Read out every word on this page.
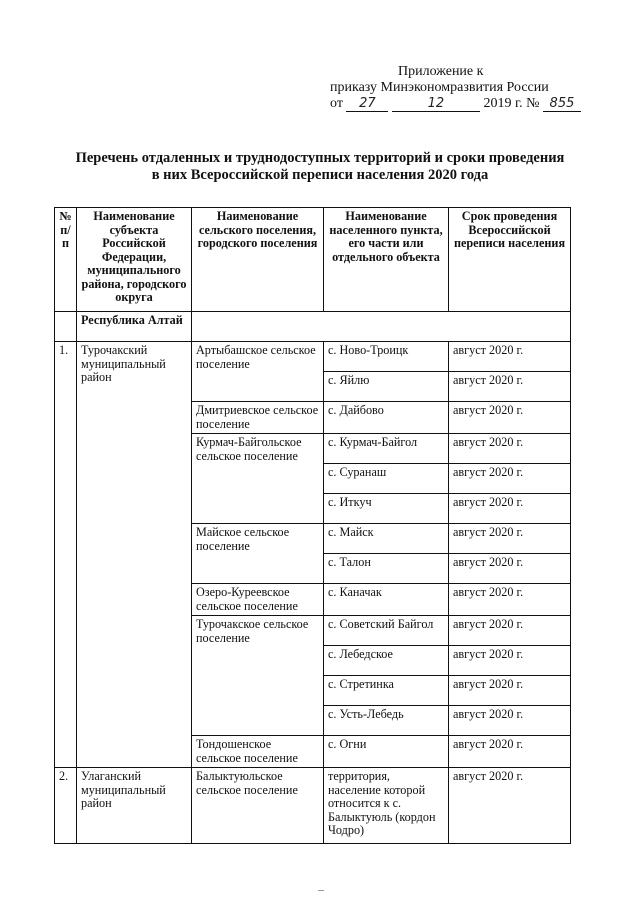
Приложение к
приказу Минэкономразвития России
от 27	12	2019 г. № 855
Перечень отдаленных и труднодоступных территорий и сроки проведения
в них Всероссийской переписи населения 2020 года
№ п/п	Наименование субъекта Российской Федерации, муниципального района, городского округа	Наименование сельского поселения, городского поселения	Наименование населенного пункта, его части или отдельного объекта	Срок проведения Всероссийской переписи населения
	Республика Алтай			
1.	Турочакский муниципальный район	Артыбашское сельское поселение	с. Ново-Троицк	август 2020 г.
			с. Яйлю	август 2020 г.
		Дмитриевское сельское поселение	с. Дайбово	август 2020 г.
		Курмач-Байгольское сельское поселение	с. Курмач-Байгол	август 2020 г.
			с. Суранаш	август 2020 г.
			с. Иткуч	август 2020 г.
		Майское сельское поселение	с. Майск	август 2020 г.
			с. Талон	август 2020 г.
		Озеро-Куреевское сельское поселение	с. Каначак	август 2020 г.
		Турочакское сельское поселение	с. Советский Байгол	август 2020 г.
			с. Лебедское	август 2020 г.
			с. Стретинка	август 2020 г.
			с. Усть-Лебедь	август 2020 г.
		Тондошенское сельское поселение	с. Огни	август 2020 г.
2.	Улаганский муниципальный район	Балыктуюльское сельское поселение	территория, население которой относится к с. Балыктуюль (кордон Чодро)	август 2020 г.
